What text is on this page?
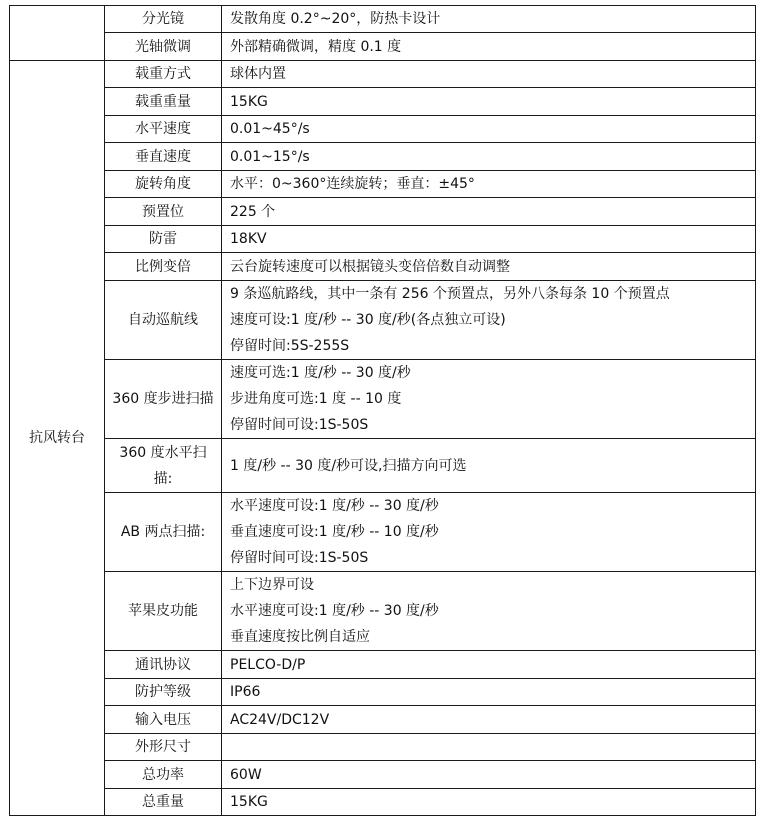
	分光镜	发散角度 0.2°~20°，防热卡设计

	光轴微调	外部精确微调，精度 0.1 度

抗风转台	载重方式	球体内置

	载重重量	15KG

	水平速度	0.01~45°/s

	垂直速度	0.01~15°/s

	旋转角度	水平：0~360°连续旋转；垂直：±45°

	预置位	225 个

	防雷	18KV

	比例变倍	云台旋转速度可以根据镜头变倍倍数自动调整

	自动巡航线	9 条巡航路线，其中一条有 256 个预置点，另外八条每条 10 个预置点
速度可设:1 度/秒 -- 30 度/秒(各点独立可设)
停留时间:5S-255S

	360 度步进扫描	速度可选:1 度/秒 -- 30 度/秒
步进角度可选:1 度 -- 10 度
停留时间可设:1S-50S

	360 度水平扫描:	1 度/秒 -- 30 度/秒可设,扫描方向可选

	AB 两点扫描:	水平速度可设:1 度/秒 -- 30 度/秒
垂直速度可设:1 度/秒 -- 10 度/秒
停留时间可设:1S-50S

	苹果皮功能	上下边界可设
水平速度可设:1 度/秒 -- 30 度/秒
垂直速度按比例自适应

	通讯协议	PELCO-D/P

	防护等级	IP66

	输入电压	AC24V/DC12V

	外形尺寸	

	总功率	60W

	总重量	15KG
